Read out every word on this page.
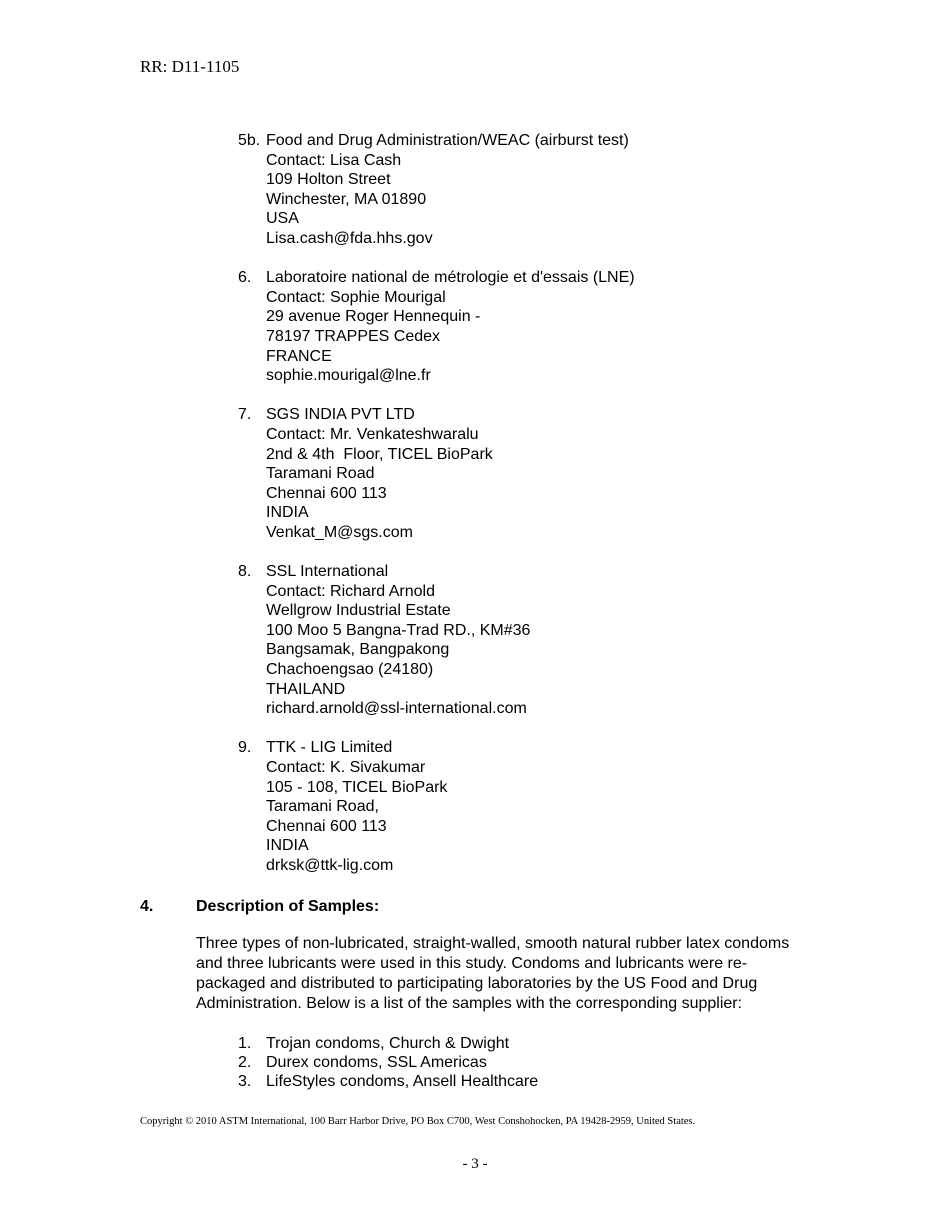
RR: D11-1105
5b. Food and Drug Administration/WEAC (airburst test)
Contact: Lisa Cash
109 Holton Street
Winchester, MA 01890
USA
Lisa.cash@fda.hhs.gov
6. Laboratoire national de métrologie et d'essais (LNE)
Contact: Sophie Mourigal
29 avenue Roger Hennequin -
78197 TRAPPES Cedex
FRANCE
sophie.mourigal@lne.fr
7. SGS INDIA PVT LTD
Contact: Mr. Venkateshwaralu
2nd & 4th  Floor, TICEL BioPark
Taramani Road
Chennai 600 113
INDIA
Venkat_M@sgs.com
8. SSL International
Contact: Richard Arnold
Wellgrow Industrial Estate
100 Moo 5 Bangna-Trad RD., KM#36
Bangsamak, Bangpakong
Chachoengsao (24180)
THAILAND
richard.arnold@ssl-international.com
9. TTK - LIG Limited
Contact: K. Sivakumar
105 - 108, TICEL BioPark
Taramani Road,
Chennai 600 113
INDIA
drksk@ttk-lig.com
4.	Description of Samples:
Three types of non-lubricated, straight-walled, smooth natural rubber latex condoms and three lubricants were used in this study. Condoms and lubricants were re-packaged and distributed to participating laboratories by the US Food and Drug Administration. Below is a list of the samples with the corresponding supplier:
1. Trojan condoms, Church & Dwight
2. Durex condoms, SSL Americas
3. LifeStyles condoms, Ansell Healthcare
Copyright © 2010 ASTM International, 100 Barr Harbor Drive, PO Box C700, West Conshohocken, PA 19428-2959, United States.
- 3 -
